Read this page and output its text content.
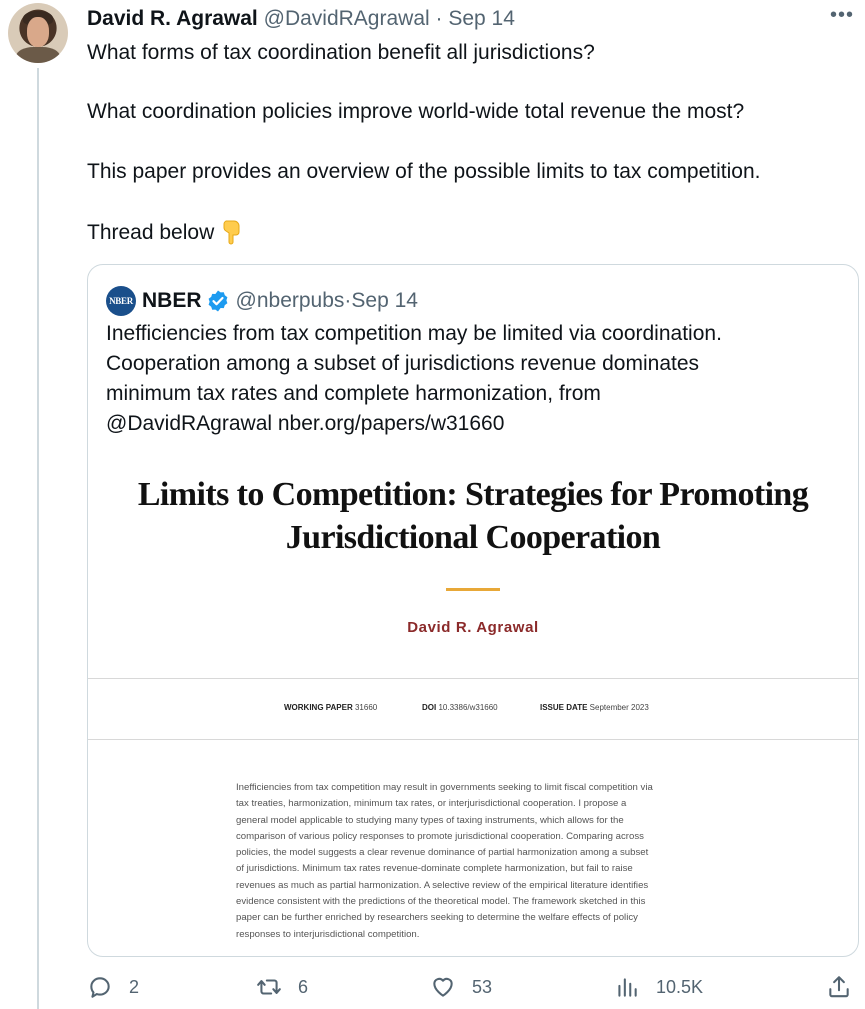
David R. Agrawal @DavidRAgrawal · Sep 14	•••
What forms of tax coordination benefit all jurisdictions?
What coordination policies improve world-wide total revenue the most?
This paper provides an overview of the possible limits to tax competition.
Thread below
NBER NBER @nberpubs · Sep 14
Inefficiencies from tax competition may be limited via coordination.
Cooperation among a subset of jurisdictions revenue dominates
minimum tax rates and complete harmonization, from
@DavidRAgrawal nber.org/papers/w31660
Limits to Competition: Strategies for Promoting
Jurisdictional Cooperation
David R. Agrawal
WORKING PAPER 31660	DOI 10.3386/w31660	ISSUE DATE September 2023
Inefficiencies from tax competition may result in governments seeking to limit fiscal competition via
tax treaties, harmonization, minimum tax rates, or interjurisdictional cooperation. I propose a
general model applicable to studying many types of taxing instruments, which allows for the
comparison of various policy responses to promote jurisdictional cooperation. Comparing across
policies, the model suggests a clear revenue dominance of partial harmonization among a subset
of jurisdictions. Minimum tax rates revenue-dominate complete harmonization, but fail to raise
revenues as much as partial harmonization. A selective review of the empirical literature identifies
evidence consistent with the predictions of the theoretical model. The framework sketched in this
paper can be further enriched by researchers seeking to determine the welfare effects of policy
responses to interjurisdictional competition.
2	6	53	10.5K
